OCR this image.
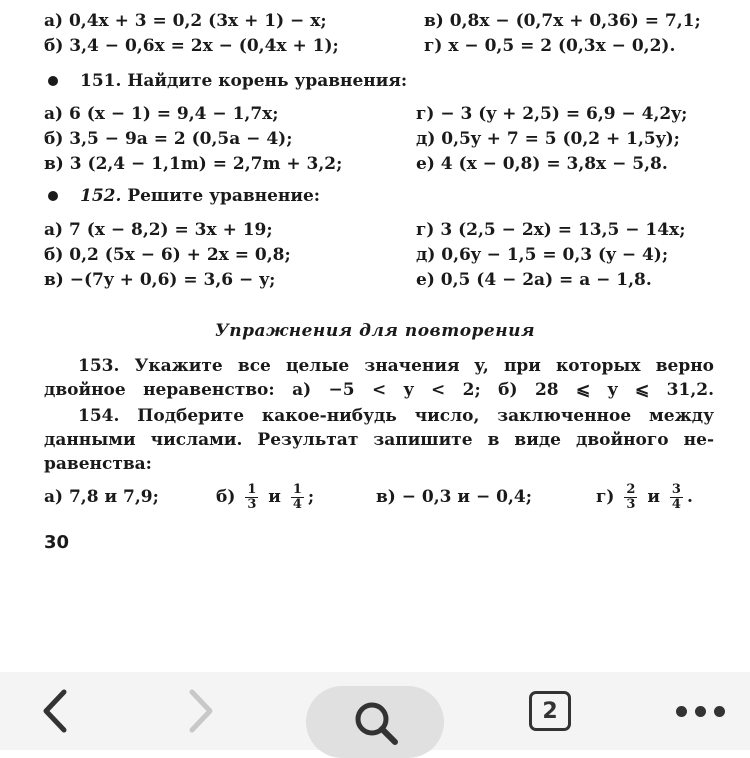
а) 0,4x + 3 = 0,2 (3x + 1) − x;	в) 0,8x − (0,7x + 0,36) = 7,1;
б) 3,4 − 0,6x = 2x − (0,4x + 1);	г) x − 0,5 = 2 (0,3x − 0,2).
151. Найдите корень уравнения:
а) 6 (x − 1) = 9,4 − 1,7x;	г) − 3 (y + 2,5) = 6,9 − 4,2y;
б) 3,5 − 9a = 2 (0,5a − 4);	д) 0,5y + 7 = 5 (0,2 + 1,5y);
в) 3 (2,4 − 1,1m) = 2,7m + 3,2;	е) 4 (x − 0,8) = 3,8x − 5,8.
152. Решите уравнение:
а) 7 (x − 8,2) = 3x + 19;	г) 3 (2,5 − 2x) = 13,5 − 14x;
б) 0,2 (5x − 6) + 2x = 0,8;	д) 0,6y − 1,5 = 0,3 (y − 4);
в) −(7y + 0,6) = 3,6 − y;	е) 0,5 (4 − 2a) = a − 1,8.
Упражнения для повторения
153. Укажите все целые значения y, при которых верно
двойное неравенство: а) −5 < y < 2; б) 28 ⩽ y ⩽ 31,2.
154. Подберите какое-нибудь число, заключенное между
данными числами. Результат запишите в виде двойного не-
равенства:
а) 7,8 и 7,9;	$б) \frac{1}{3}$ и $\frac{1}{4}$ ;	в) − 0,3 и − 0,4;	$г) \frac{2}{3}$ и $\frac{3}{4}$ .
30
2
